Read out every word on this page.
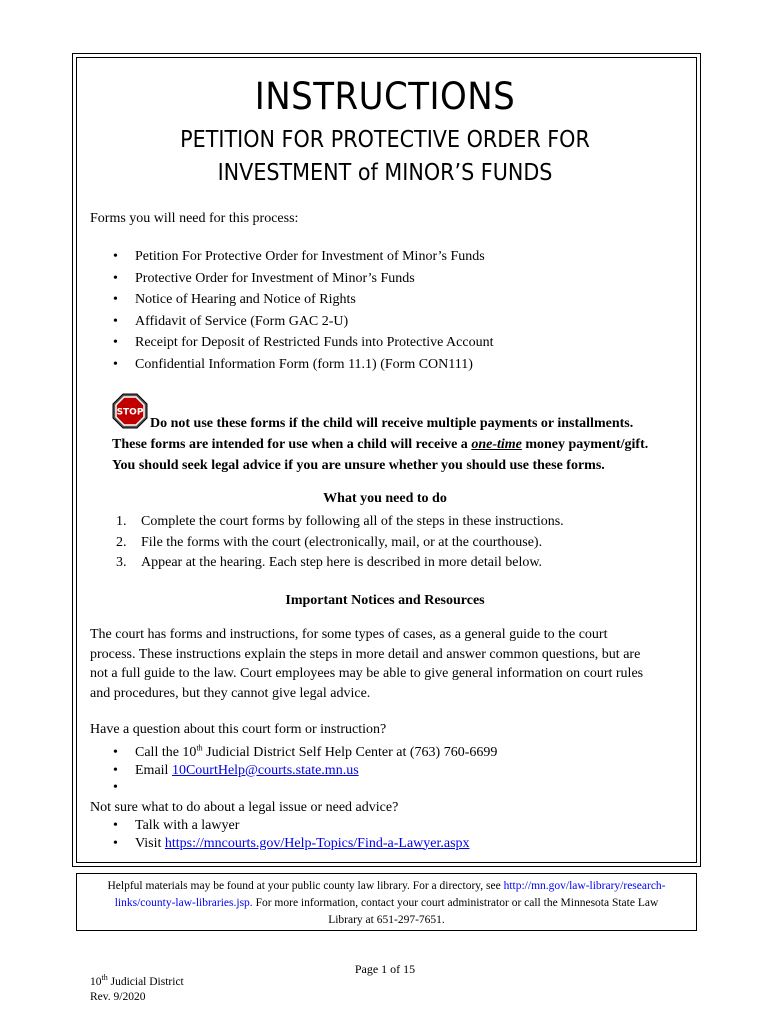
INSTRUCTIONS
PETITION FOR PROTECTIVE ORDER FOR
INVESTMENT of MINOR’S FUNDS
Forms you will need for this process:
• Petition For Protective Order for Investment of Minor’s Funds
• Protective Order for Investment of Minor’s Funds
• Notice of Hearing and Notice of Rights
• Affidavit of Service (Form GAC 2-U)
• Receipt for Deposit of Restricted Funds into Protective Account
• Confidential Information Form (form 11.1) (Form CON111)
STOP
Do not use these forms if the child will receive multiple payments or installments.
These forms are intended for use when a child will receive a one-time money payment/gift.
You should seek legal advice if you are unsure whether you should use these forms.
What you need to do
1. Complete the court forms by following all of the steps in these instructions.
2. File the forms with the court (electronically, mail, or at the courthouse).
3. Appear at the hearing. Each step here is described in more detail below.
Important Notices and Resources
The court has forms and instructions, for some types of cases, as a general guide to the court
process. These instructions explain the steps in more detail and answer common questions, but are
not a full guide to the law. Court employees may be able to give general information on court rules
and procedures, but they cannot give legal advice.
Have a question about this court form or instruction?
• Call the 10th Judicial District Self Help Center at (763) 760-6699
• Email 10CourtHelp@courts.state.mn.us
•
Not sure what to do about a legal issue or need advice?
• Talk with a lawyer
• Visit https://mncourts.gov/Help-Topics/Find-a-Lawyer.aspx
Helpful materials may be found at your public county law library. For a directory, see http://mn.gov/law-library/research-
links/county-law-libraries.jsp. For more information, contact your court administrator or call the Minnesota State Law
Library at 651-297-7651.
Page 1 of 15
10th Judicial District
Rev. 9/2020
